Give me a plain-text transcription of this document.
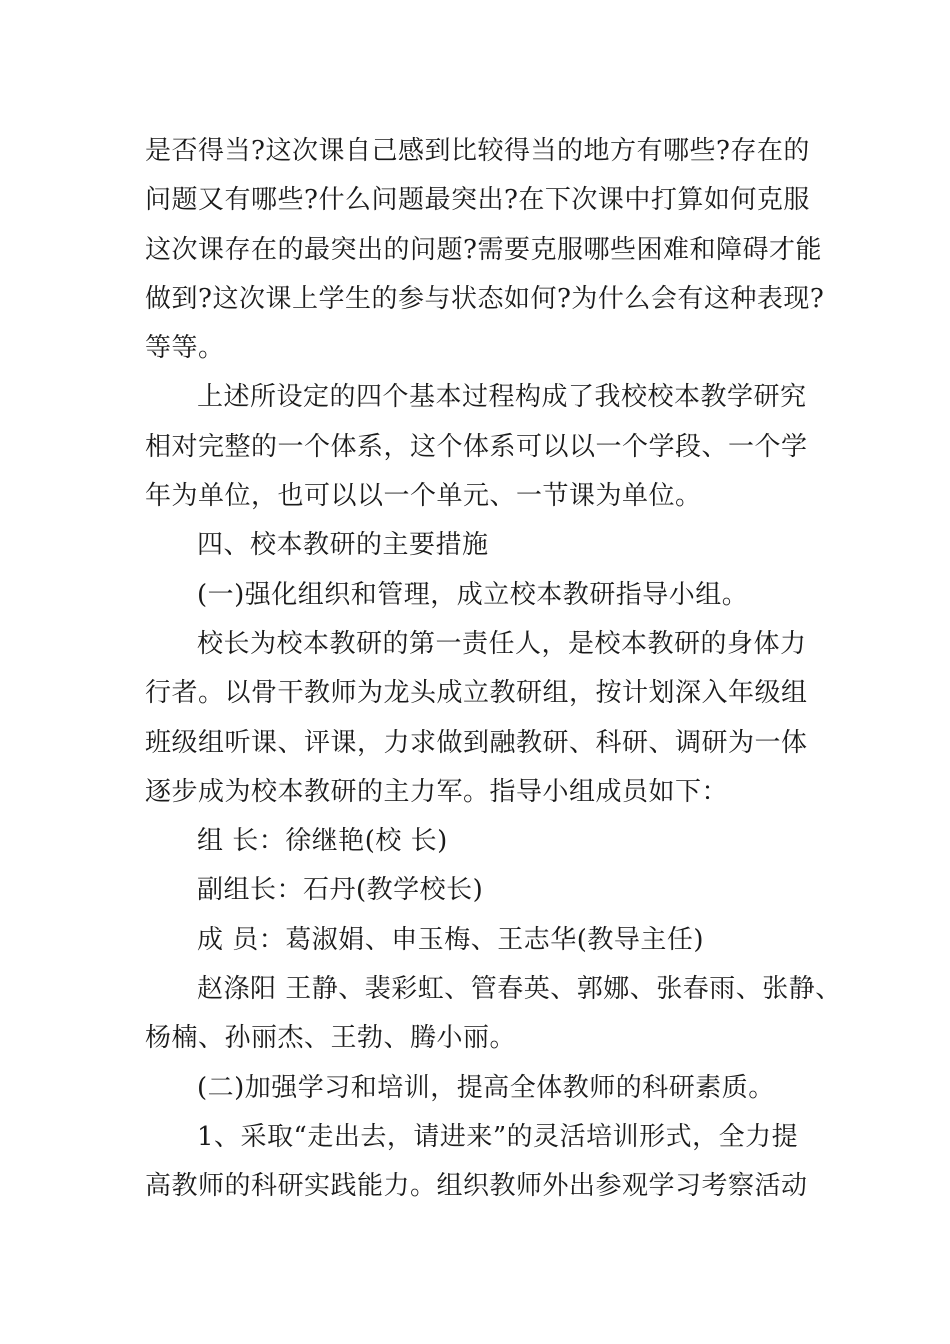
是否得当?这次课自己感到比较得当的地方有哪些?存在的
问题又有哪些?什么问题最突出?在下次课中打算如何克服
这次课存在的最突出的问题?需要克服哪些困难和障碍才能
做到?这次课上学生的参与状态如何?为什么会有这种表现?
等等。
上述所设定的四个基本过程构成了我校校本教学研究
相对完整的一个体系，这个体系可以以一个学段、一个学
年为单位，也可以以一个单元、一节课为单位。
四、校本教研的主要措施
(一)强化组织和管理，成立校本教研指导小组。
校长为校本教研的第一责任人，是校本教研的身体力
行者。以骨干教师为龙头成立教研组，按计划深入年级组
班级组听课、评课，力求做到融教研、科研、调研为一体
逐步成为校本教研的主力军。指导小组成员如下：
组 长：徐继艳(校 长)
副组长：石丹(教学校长)
成 员：葛淑娟、申玉梅、王志华(教导主任)
赵涤阳 王静、裴彩虹、管春英、郭娜、张春雨、张静、
杨楠、孙丽杰、王勃、腾小丽。
(二)加强学习和培训，提高全体教师的科研素质。
1、采取“走出去，请进来”的灵活培训形式，全力提
高教师的科研实践能力。组织教师外出参观学习考察活动
